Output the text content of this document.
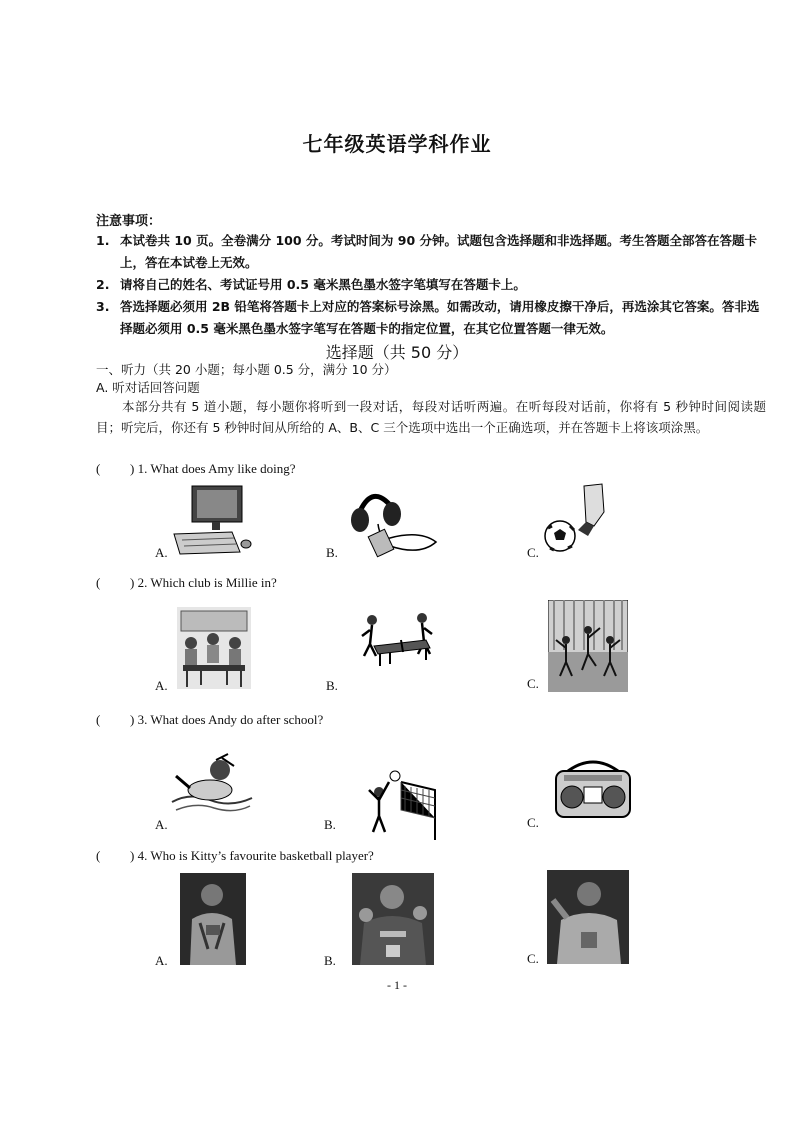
七年级英语学科作业
注意事项：
1. 本试卷共 10 页。全卷满分 100 分。考试时间为 90 分钟。试题包含选择题和非选择题。考生答题全部答在答题卡上，答在本试卷上无效。
2. 请将自己的姓名、考试证号用 0.5 毫米黑色墨水签字笔填写在答题卡上。
3. 答选择题必须用 2B 铅笔将答题卡上对应的答案标号涂黑。如需改动，请用橡皮擦干净后，再选涂其它答案。答非选择题必须用 0.5 毫米黑色墨水签字笔写在答题卡的指定位置，在其它位置答题一律无效。
选择题（共 50 分）
一、听力（共 20 小题；每小题 0.5 分，满分 10 分）
A. 听对话回答问题
本部分共有 5 道小题，每小题你将听到一段对话，每段对话听两遍。在听每段对话前，你将有 5 秒钟时间阅读题目；听完后，你还有 5 秒钟时间从所给的 A、B、C 三个选项中选出一个正确选项，并在答题卡上将该项涂黑。
( ) 1. What does Amy like doing?
A.	B.	C.
( ) 2. Which club is Millie in?
A.	B.	C.
( ) 3. What does Andy do after school?
A.	B.	C.
( ) 4. Who is Kitty’s favourite basketball player?
A.	B.	C.
- 1 -
